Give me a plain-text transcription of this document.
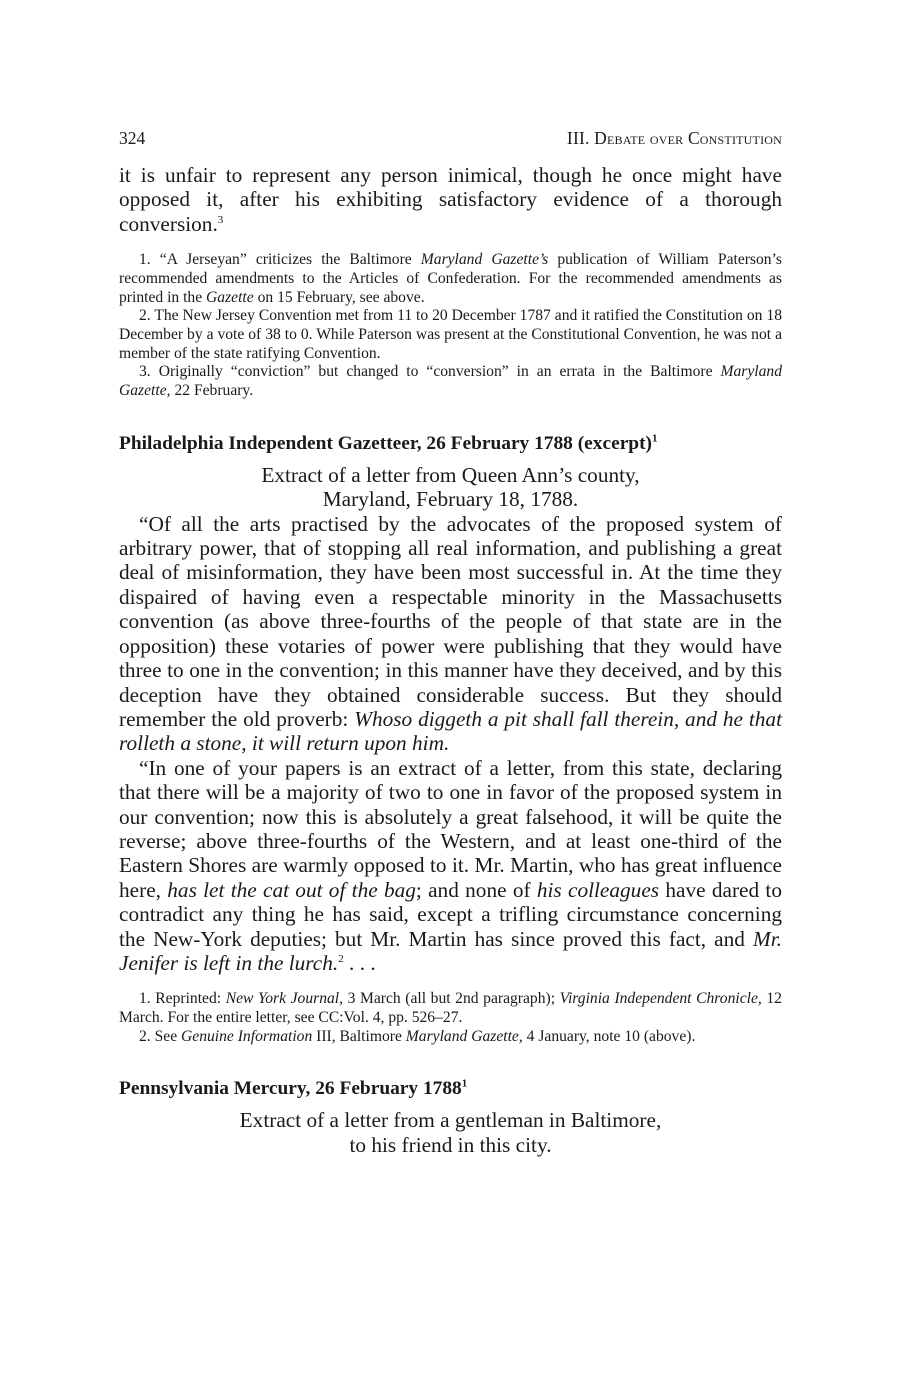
324	III. Debate over Constitution

it is unfair to represent any person inimical, though he once might have opposed it, after his exhibiting satisfactory evidence of a thorough conversion.$^3$

1. “A Jerseyan” criticizes the Baltimore Maryland Gazette’s publication of William Paterson’s recommended amendments to the Articles of Confederation. For the recommended amendments as printed in the Gazette on 15 February, see above.

2. The New Jersey Convention met from 11 to 20 December 1787 and it ratified the Constitution on 18 December by a vote of 38 to 0. While Paterson was present at the Constitutional Convention, he was not a member of the state ratifying Convention.

3. Originally “conviction” but changed to “conversion” in an errata in the Baltimore Maryland Gazette, 22 February.

Philadelphia Independent Gazetteer, 26 February 1788 (excerpt)$^1$
Extract of a letter from Queen Ann’s county,
Maryland, February 18, 1788.

“Of all the arts practised by the advocates of the proposed system of arbitrary power, that of stopping all real information, and publishing a great deal of misinformation, they have been most successful in. At the time they dispaired of having even a respectable minority in the Massachusetts convention (as above three-fourths of the people of that state are in the opposition) these votaries of power were publishing that they would have three to one in the convention; in this manner have they deceived, and by this deception have they obtained considerable success. But they should remember the old proverb: Whoso diggeth a pit shall fall therein, and he that rolleth a stone, it will return upon him.

“In one of your papers is an extract of a letter, from this state, declaring that there will be a majority of two to one in favor of the proposed system in our convention; now this is absolutely a great falsehood, it will be quite the reverse; above three-fourths of the Western, and at least one-third of the Eastern Shores are warmly opposed to it. Mr. Martin, who has great influence here, has let the cat out of the bag; and none of his colleagues have dared to contradict any thing he has said, except a trifling circumstance concerning the New-York deputies; but Mr. Martin has since proved this fact, and Mr. Jenifer is left in the lurch.$^2$ . . .

1. Reprinted: New York Journal, 3 March (all but 2nd paragraph); Virginia Independent Chronicle, 12 March. For the entire letter, see CC:Vol. 4, pp. 526–27.

2. See Genuine Information III, Baltimore Maryland Gazette, 4 January, note 10 (above).

Pennsylvania Mercury, 26 February 1788$^1$
Extract of a letter from a gentleman in Baltimore,
to his friend in this city.
